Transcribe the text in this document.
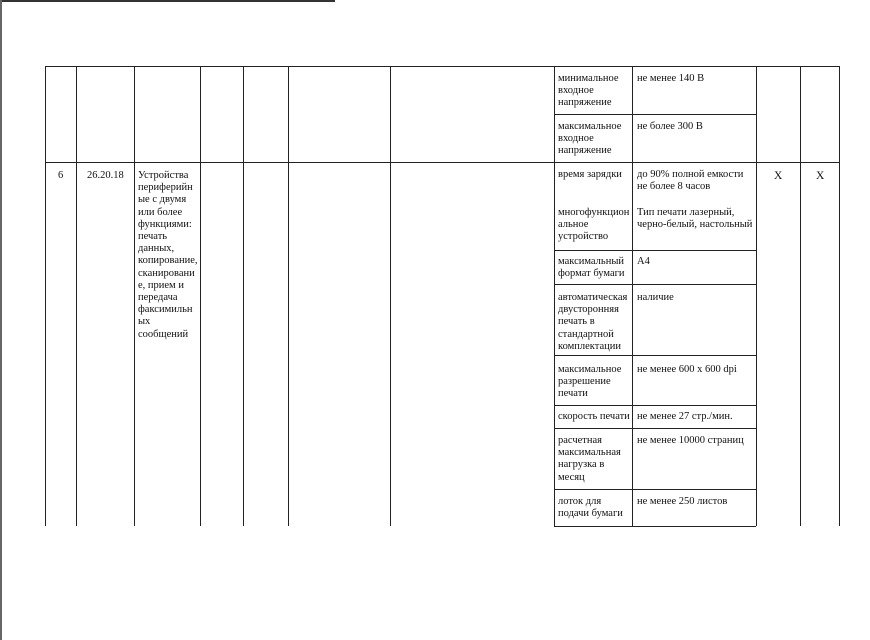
минимальное
входное
напряжение
не менее 140 В
максимальное
входное
напряжение
не более 300 В
6 26.20.18 Устройства
периферийн
ые с двумя
или более
функциями:
печать
данных,
копирование,
сканировани
е, прием и
передача
факсимильн
ых
сообщений
время зарядки до 90% полной емкости
не более 8 часов
многофункцион
альное
устройство
Тип печати лазерный,
черно-белый, настольный
максимальный
формат бумаги
А4
автоматическая
двусторонняя
печать в
стандартной
комплектации
наличие
максимальное
разрешение
печати
не менее 600 x 600 dpi
скорость печати не менее 27 стр./мин.
расчетная
максимальная
нагрузка в
месяц
не менее 10000 страниц
лоток для
подачи бумаги
не менее 250 листов
X	X
